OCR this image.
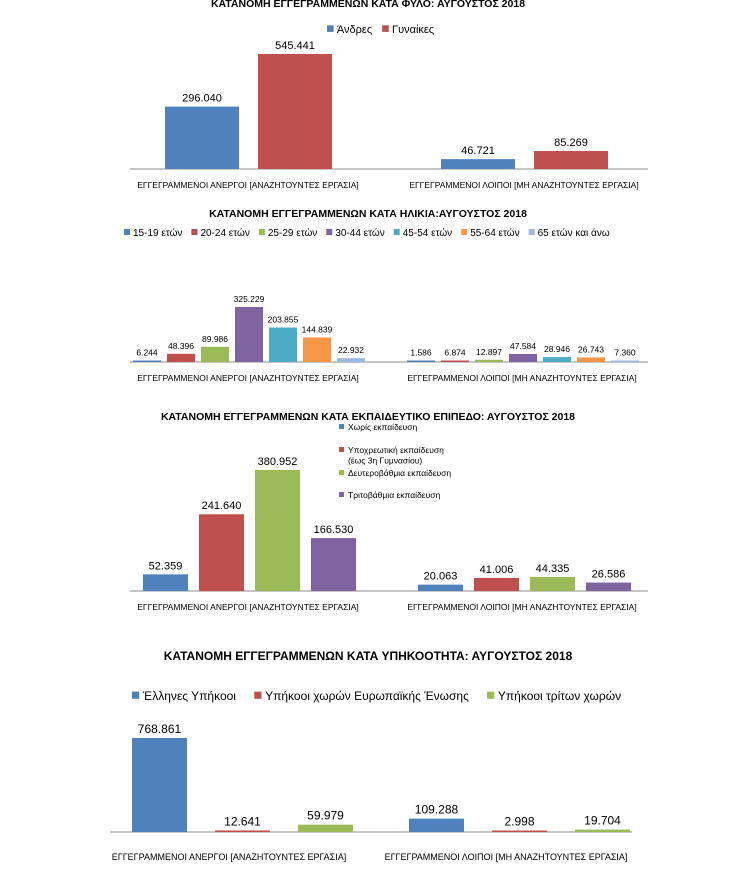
ΚΑΤΑΝΟΜΗ ΕΓΓΕΓΡΑΜΜΕΝΩΝ ΚΑΤΑ ΦΥΛΟ: ΑΥΓΟΥΣΤΟΣ 2018
Άνδρες Γυναίκες
296.040
545.441
ΕΓΓΕΓΡΑΜΜΕΝΟΙ ΑΝΕΡΓΟΙ [ΑΝΑΖΗΤΟΥΝΤΕΣ ΕΡΓΑΣΙΑ]
46.721
85.269
ΕΓΓΕΓΡΑΜΜΕΝΟΙ ΛΟΙΠΟΙ [ΜΗ ΑΝΑΖΗΤΟΥΝΤΕΣ ΕΡΓΑΣΙΑ]
ΚΑΤΑΝΟΜΗ ΕΓΓΕΓΡΑΜΜΕΝΩΝ ΚΑΤΑ ΗΛΙΚΙΑ:ΑΥΓΟΥΣΤΟΣ 2018
15-19 ετών 20-24 ετών 25-29 ετών 30-44 ετών 45-54 ετών 55-64 ετών 65 ετών και άνω
6.244
48.396
89.986
325.229
203.855
144.839
22.932
ΕΓΓΕΓΡΑΜΜΕΝΟΙ ΑΝΕΡΓΟΙ [ΑΝΑΖΗΤΟΥΝΤΕΣ ΕΡΓΑΣΙΑ]
1.586 6.874 12.897
47.584 28.946 26.743 7.360
ΕΓΓΕΓΡΑΜΜΕΝΟΙ ΛΟΙΠΟΙ [ΜΗ ΑΝΑΖΗΤΟΥΝΤΕΣ ΕΡΓΑΣΙΑ]
ΚΑΤΑΝΟΜΗ ΕΓΓΕΓΡΑΜΜΕΝΩΝ ΚΑΤΑ ΕΚΠΑΙΔΕΥΤΙΚΟ ΕΠΙΠΕΔΟ: ΑΥΓΟΥΣΤΟΣ 2018
Χωρίς εκπαίδευση
Υποχρεωτική εκπαίδευση (έως 3η Γυμνασίου)
Δευτεροβάθμια εκπαίδευση
Τριτοβάθμια εκπαίδευση
52.359
241.640
380.952
166.530
ΕΓΓΕΓΡΑΜΜΕΝΟΙ ΑΝΕΡΓΟΙ [ΑΝΑΖΗΤΟΥΝΤΕΣ ΕΡΓΑΣΙΑ]
20.063
41.006 44.335 26.586
ΕΓΓΕΓΡΑΜΜΕΝΟΙ ΛΟΙΠΟΙ [ΜΗ ΑΝΑΖΗΤΟΥΝΤΕΣ ΕΡΓΑΣΙΑ]
ΚΑΤΑΝΟΜΗ ΕΓΓΕΓΡΑΜΜΕΝΩΝ ΚΑΤΑ ΥΠΗΚΟΟΤΗΤΑ: ΑΥΓΟΥΣΤΟΣ 2018
Έλληνες Υπήκοοι Υπήκοοι χωρών Ευρωπαϊκής Ένωσης Υπήκοοι τρίτων χωρών
768.861
12.641	59.979
ΕΓΓΕΓΡΑΜΜΕΝΟΙ ΑΝΕΡΓΟΙ [ΑΝΑΖΗΤΟΥΝΤΕΣ ΕΡΓΑΣΙΑ]
109.288
2.998	19.704
ΕΓΓΕΓΡΑΜΜΕΝΟΙ ΛΟΙΠΟΙ [ΜΗ ΑΝΑΖΗΤΟΥΝΤΕΣ ΕΡΓΑΣΙΑ]
